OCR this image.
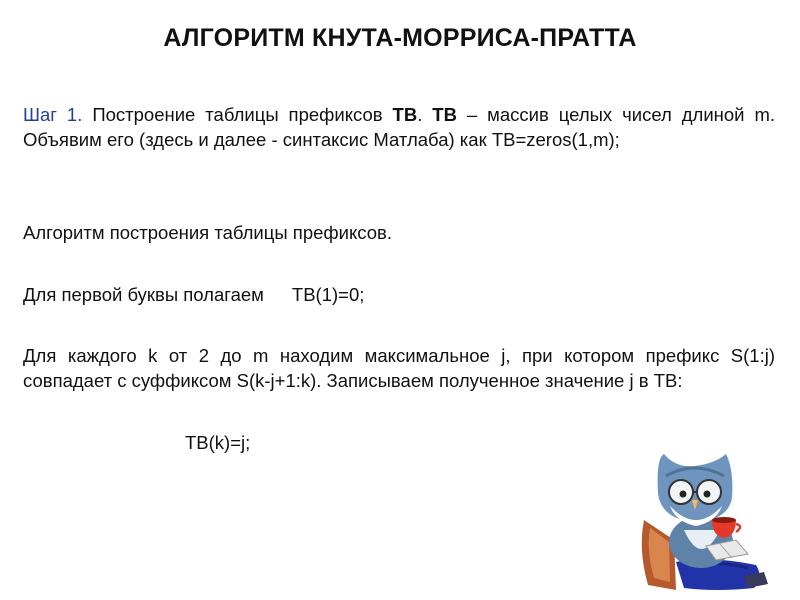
АЛГОРИТМ КНУТА-МОРРИСА-ПРАТТА
Шаг 1. Построение таблицы префиксов TB. TB – массив целых чисел длиной m. Объявим его (здесь и далее - синтаксис Матлаба) как TB=zeros(1,m);
Алгоритм построения таблицы префиксов.
Для первой буквы полагаем TB(1)=0;
Для каждого k от 2 до m находим максимальное j, при котором префикс S(1:j) совпадает с суффиксом S(k-j+1:k). Записываем полученное значение j в TB:
TB(k)=j;
